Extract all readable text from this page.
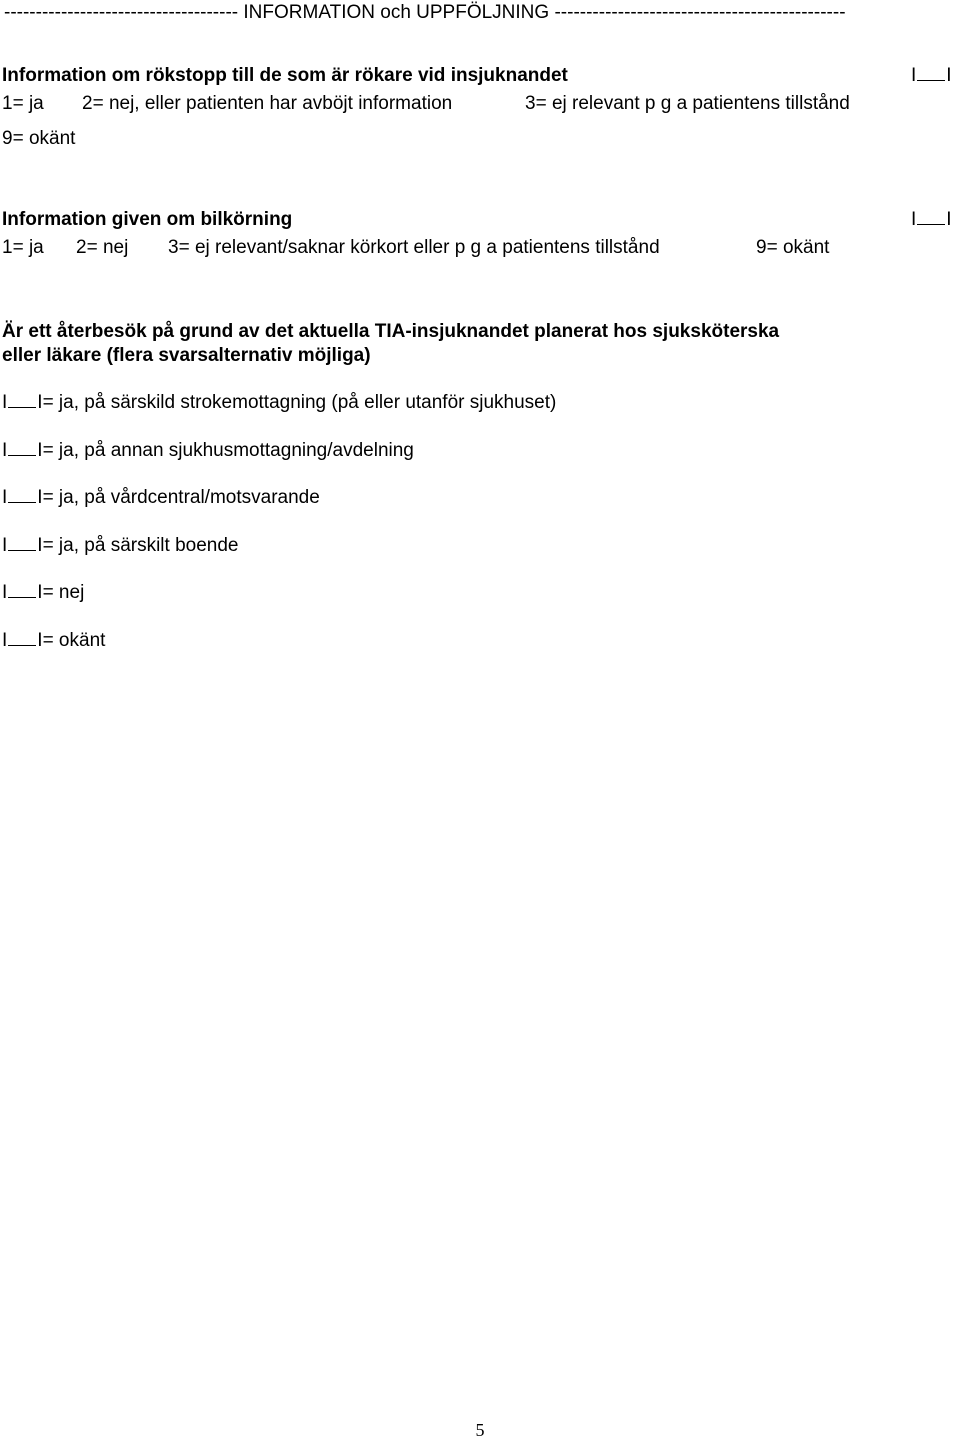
------------------------------------- INFORMATION och UPPFÖLJNING ----------------------------------------------
Information om rökstopp till de som är rökare vid insjuknandet	I I
1= ja 2= nej, eller patienten har avböjt information	3= ej relevant p g a patientens tillstånd
9= okänt
Information given om bilkörning	I I
1= ja 2= nej 3= ej relevant/saknar körkort eller p g a patientens tillstånd	9= okänt
Är ett återbesök på grund av det aktuella TIA-insjuknandet planerat hos sjuksköterska
eller läkare (flera svarsalternativ möjliga)
I I= ja, på särskild strokemottagning (på eller utanför sjukhuset)
I I= ja, på annan sjukhusmottagning/avdelning
I I= ja, på vårdcentral/motsvarande
I I= ja, på särskilt boende
I I= nej
I I= okänt
5
